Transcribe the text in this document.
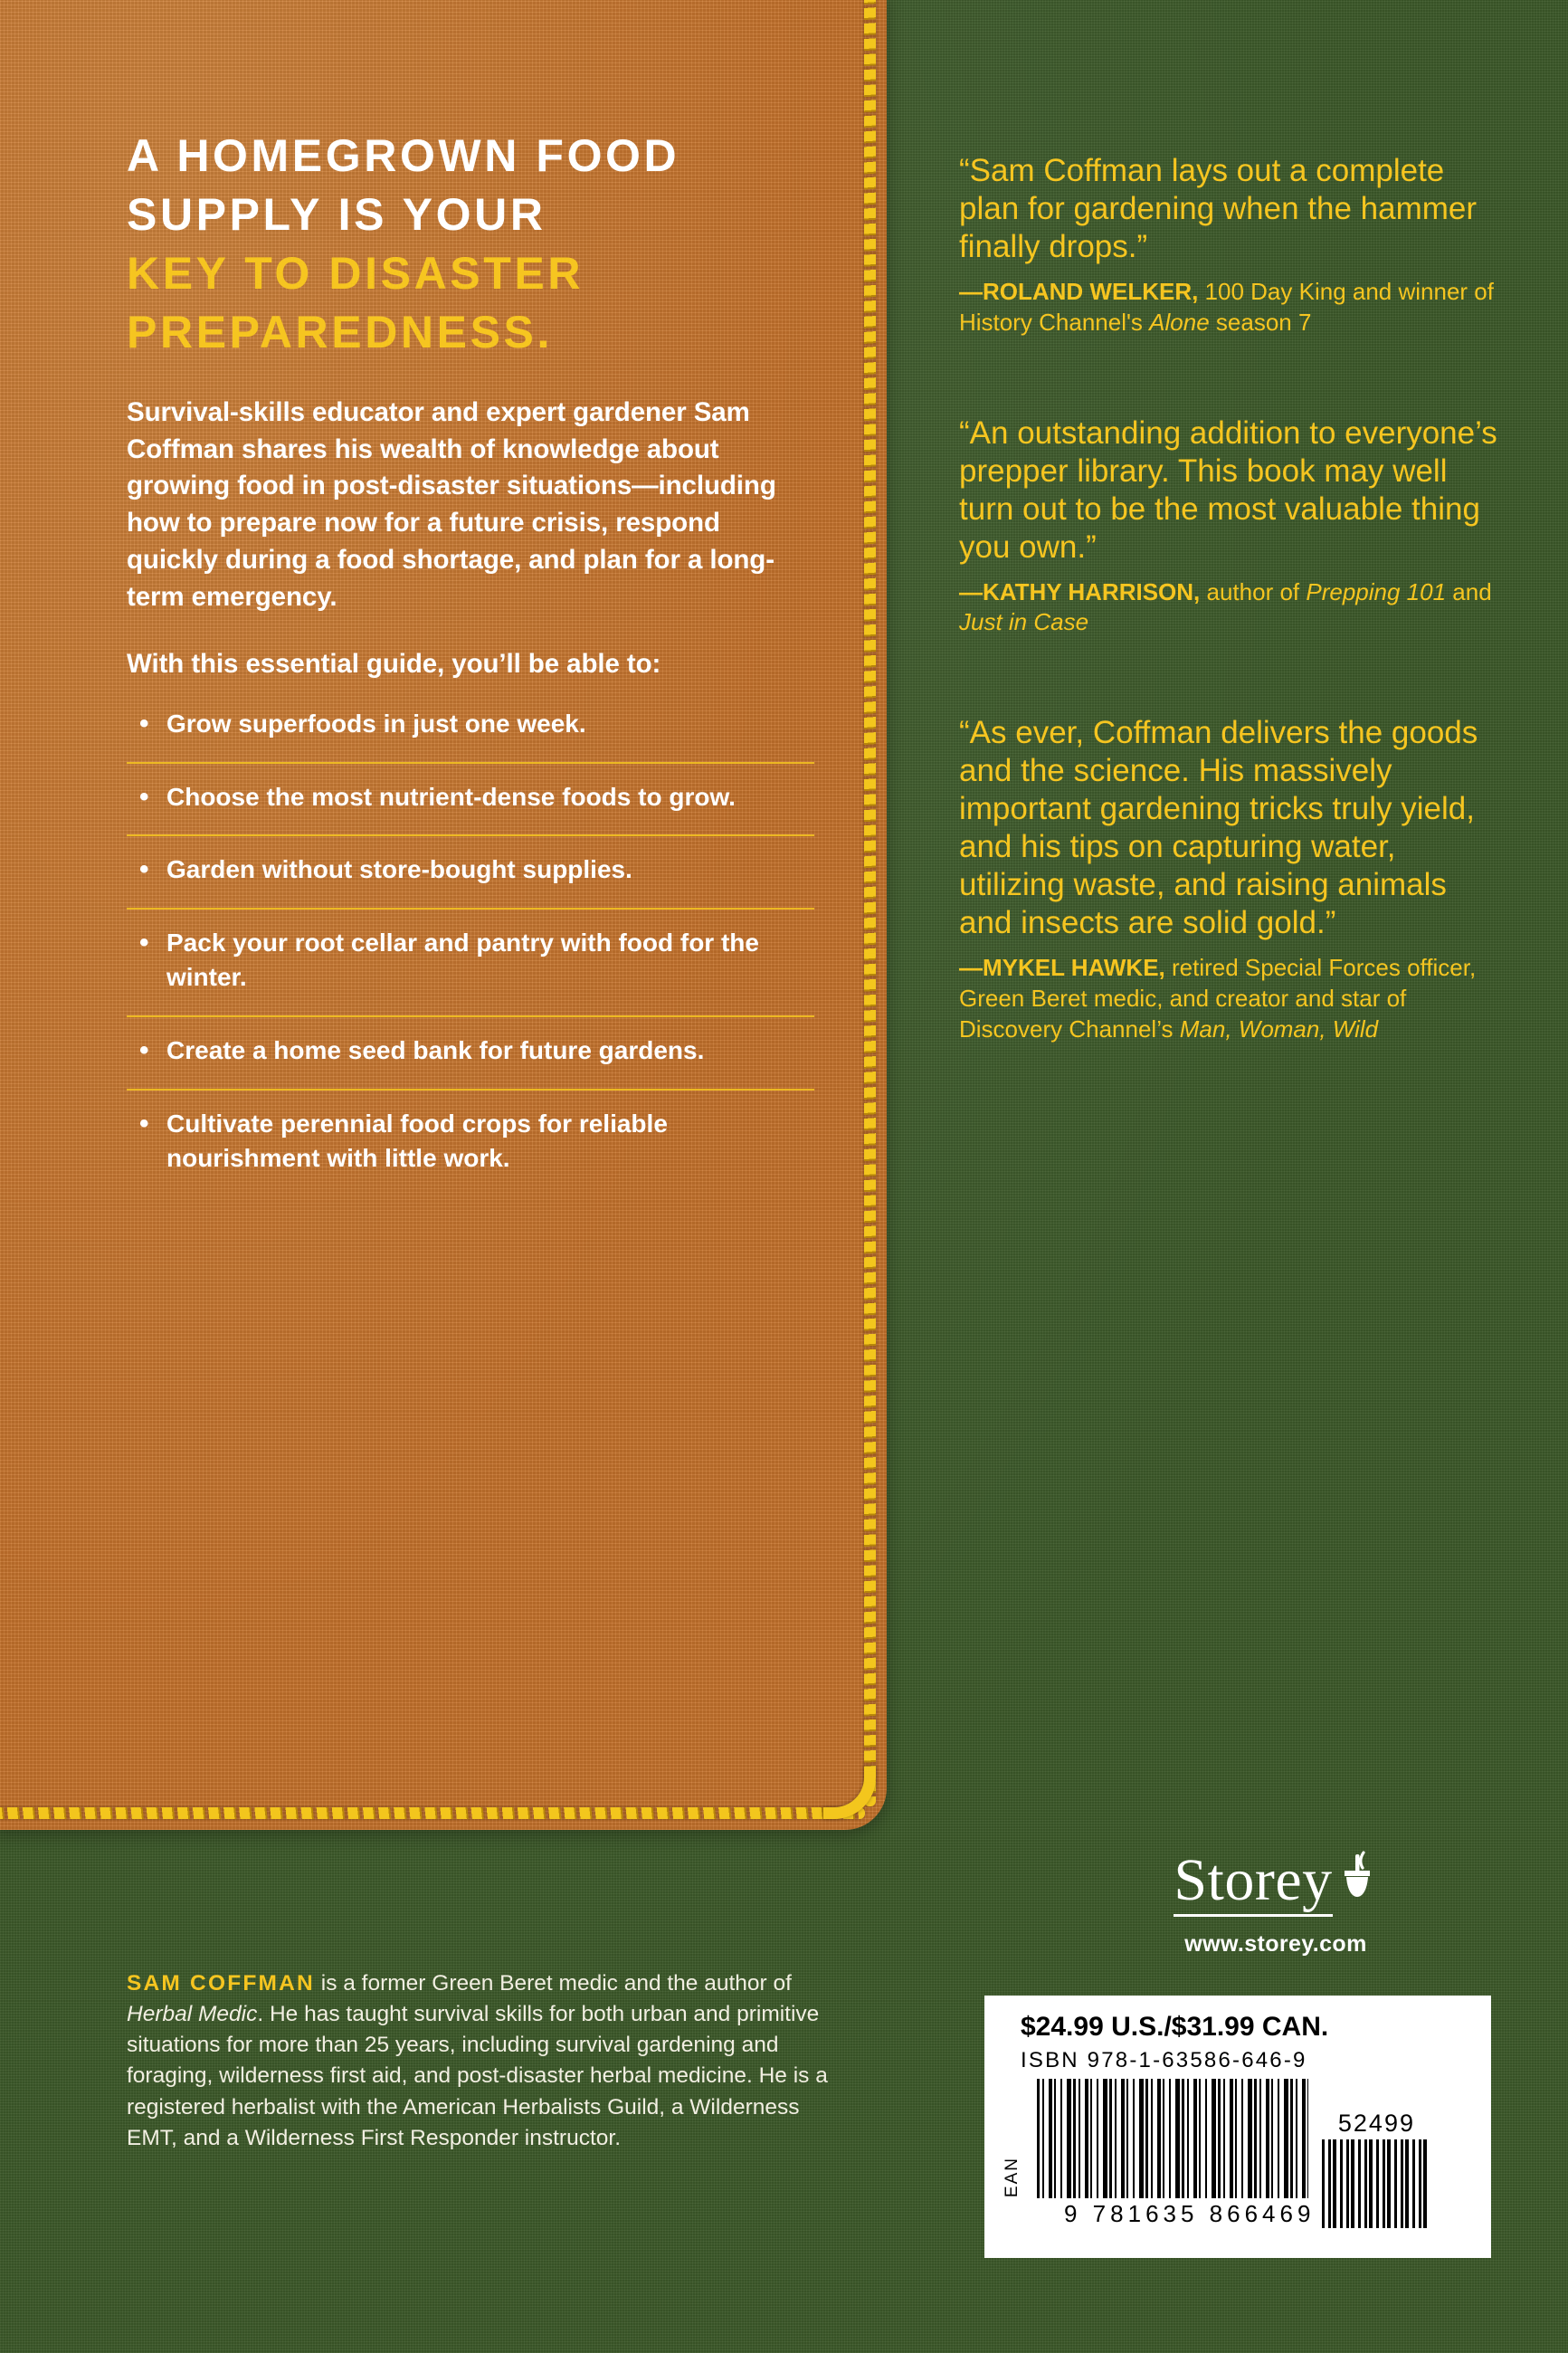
A HOMEGROWN FOOD
SUPPLY IS YOUR
KEY TO DISASTER
PREPAREDNESS.

Survival-skills educator and expert gardener Sam Coffman shares his wealth of knowledge about growing food in post-disaster situations—including how to prepare now for a future crisis, respond quickly during a food shortage, and plan for a long-term emergency.

With this essential guide, you’ll be able to:

• Grow superfoods in just one week.
• Choose the most nutrient-dense foods to grow.
• Garden without store-bought supplies.
• Pack your root cellar and pantry with food for the winter.
• Create a home seed bank for future gardens.
• Cultivate perennial food crops for reliable nourishment with little work.

“Sam Coffman lays out a complete plan for gardening when the hammer finally drops.”

—ROLAND WELKER, 100 Day King and winner of History Channel's Alone season 7

“An outstanding addition to everyone’s prepper library. This book may well turn out to be the most valuable thing you own.”

—KATHY HARRISON, author of Prepping 101 and Just in Case

“As ever, Coffman delivers the goods and the science. His massively important gardening tricks truly yield, and his tips on capturing water, utilizing waste, and raising animals and insects are solid gold.”

—MYKEL HAWKE, retired Special Forces officer, Green Beret medic, and creator and star of Discovery Channel’s Man, Woman, Wild

SAM COFFMAN is a former Green Beret medic and the author of Herbal Medic. He has taught survival skills for both urban and primitive situations for more than 25 years, including survival gardening and foraging, wilderness first aid, and post-disaster herbal medicine. He is a registered herbalist with the American Herbalists Guild, a Wilderness EMT, and a Wilderness First Responder instructor.

Storey
www.storey.com
$24.99 U.S./$31.99 CAN.
ISBN 978-1-63586-646-9
EAN
9 781635 866469
52499
